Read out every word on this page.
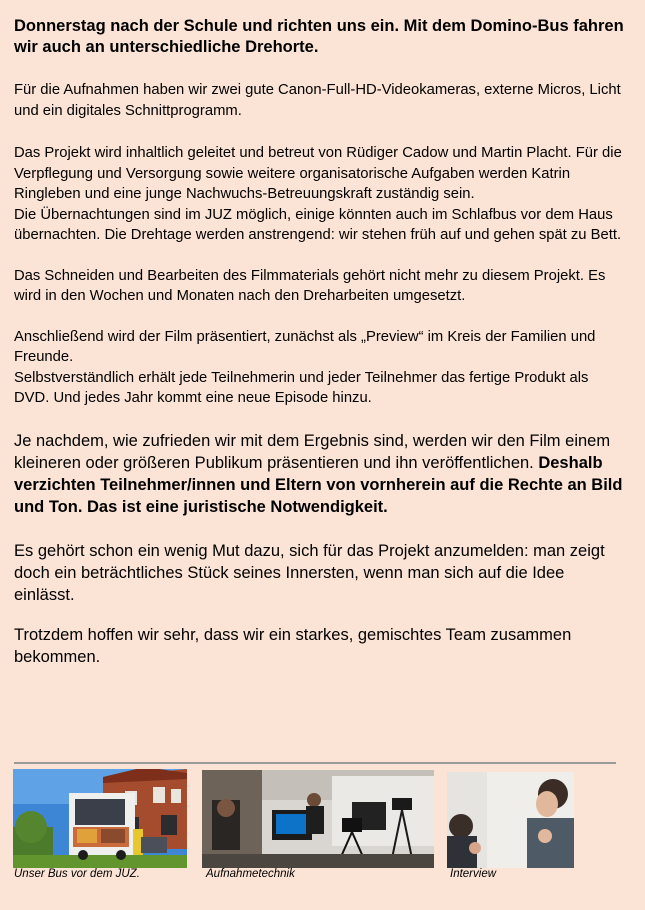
Donnerstag nach der Schule und richten uns ein. Mit dem Domino-Bus fahren wir auch an unterschiedliche Drehorte.

Für die Aufnahmen haben wir zwei gute Canon-Full-HD-Videokameras, externe Micros, Licht und ein digitales Schnittprogramm.

Das Projekt wird inhaltlich geleitet und betreut von Rüdiger Cadow und Martin Placht. Für die Verpflegung und Versorgung sowie weitere organisatorische Aufgaben werden Katrin Ringleben und eine junge Nachwuchs-Betreuungskraft zuständig sein.
Die Übernachtungen sind im JUZ möglich, einige könnten auch im Schlafbus vor dem Haus übernachten. Die Drehtage werden anstrengend: wir stehen früh auf und gehen spät zu Bett.

Das Schneiden und Bearbeiten des Filmmaterials gehört nicht mehr zu diesem Projekt. Es wird in den Wochen und Monaten nach den Dreharbeiten umgesetzt.

Anschließend wird der Film präsentiert, zunächst als „Preview“ im Kreis der Familien und Freunde.
Selbstverständlich erhält jede Teilnehmerin und jeder Teilnehmer das fertige Produkt als DVD. Und jedes Jahr kommt eine neue Episode hinzu.

Je nachdem, wie zufrieden wir mit dem Ergebnis sind, werden wir den Film einem kleineren oder größeren Publikum präsentieren und ihn veröffentlichen. Deshalb verzichten Teilnehmer/innen und Eltern von vornherein auf die Rechte an Bild und Ton. Das ist eine juristische Notwendigkeit.

Es gehört schon ein wenig Mut dazu, sich für das Projekt anzumelden: man zeigt doch ein beträchtliches Stück seines Innersten, wenn man sich auf die Idee einlässt.

Trotzdem hoffen wir sehr, dass wir ein starkes, gemischtes Team zusammen bekommen.

Unser Bus vor dem JUZ.	Aufnahmetechnik	Interview
